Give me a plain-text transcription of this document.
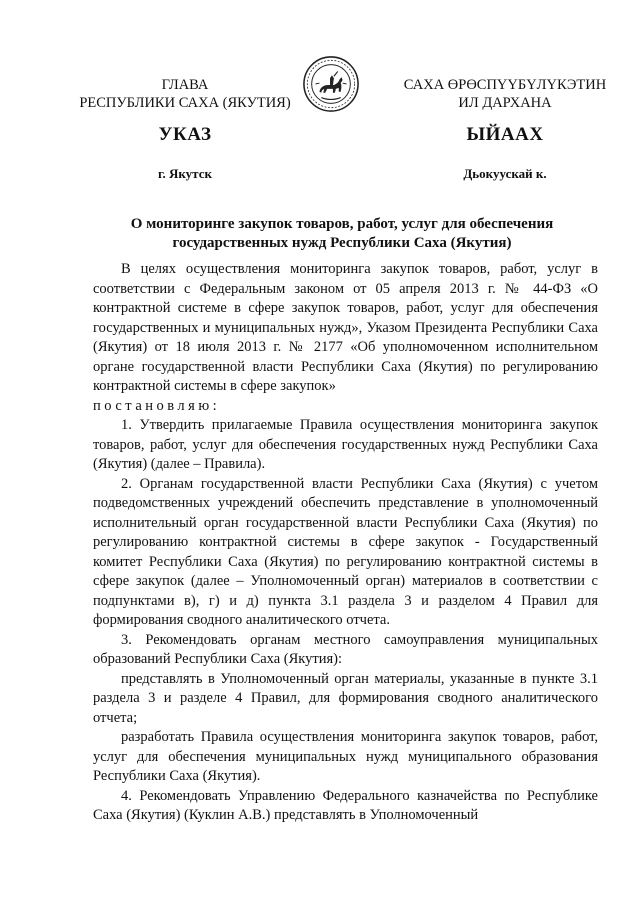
ГЛАВА
РЕСПУБЛИКИ САХА (ЯКУТИЯ)
САХА ӨРӨСПҮҮБҮЛҮКЭТИН
ИЛ ДАРХАНА
УКАЗ	ЫЙААХ
г. Якутск	Дьокуускай к.
О мониторинге закупок товаров, работ, услуг для обеспечения
государственных нужд Республики Саха (Якутия)

В целях осуществления мониторинга закупок товаров, работ, услуг в соответствии с Федеральным законом от 05 апреля 2013 г. № 44-ФЗ «О контрактной системе в сфере закупок товаров, работ, услуг для обеспечения государственных и муниципальных нужд», Указом Президента Республики Саха (Якутия) от 18 июля 2013 г. № 2177 «Об уполномоченном исполнительном органе государственной власти Республики Саха (Якутия) по регулированию контрактной системы в сфере закупок»

постановляю:

1. Утвердить прилагаемые Правила осуществления мониторинга закупок товаров, работ, услуг для обеспечения государственных нужд Республики Саха (Якутия) (далее – Правила).

2. Органам государственной власти Республики Саха (Якутия) с учетом подведомственных учреждений обеспечить представление в уполномоченный исполнительный орган государственной власти Республики Саха (Якутия) по регулированию контрактной системы в сфере закупок - Государственный комитет Республики Саха (Якутия) по регулированию контрактной системы в сфере закупок (далее – Уполномоченный орган) материалов в соответствии с подпунктами в), г) и д) пункта 3.1 раздела 3 и разделом 4 Правил для формирования сводного аналитического отчета.

3. Рекомендовать органам местного самоуправления муниципальных образований Республики Саха (Якутия):

представлять в Уполномоченный орган материалы, указанные в пункте 3.1 раздела 3 и разделе 4 Правил, для формирования сводного аналитического отчета;

разработать Правила осуществления мониторинга закупок товаров, работ, услуг для обеспечения муниципальных нужд муниципального образования Республики Саха (Якутия).

4. Рекомендовать Управлению Федерального казначейства по Республике Саха (Якутия) (Куклин А.В.) представлять в Уполномоченный
